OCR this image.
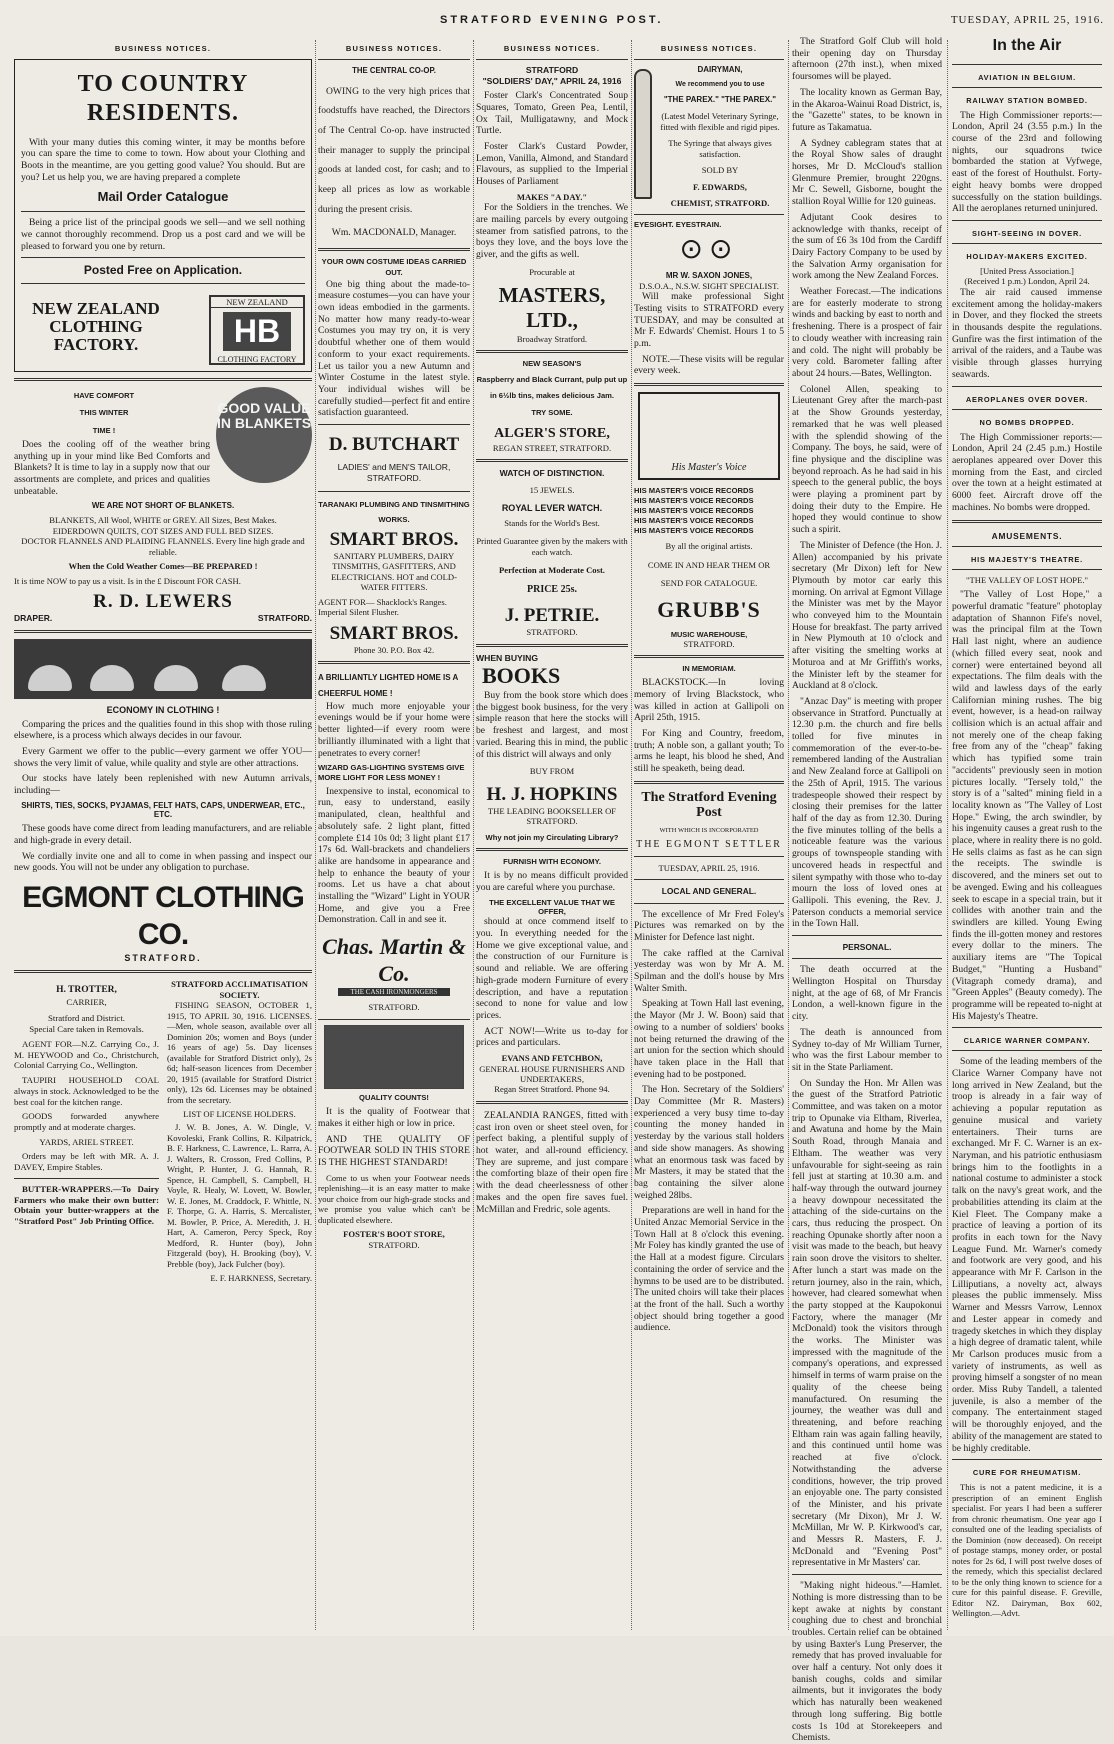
STRATFORD EVENING POST.	TUESDAY, APRIL 25, 1916.
BUSINESS NOTICES.
TO COUNTRY RESIDENTS.

With your many duties this coming winter, it may be months before you can spare the time to come to town. How about your Clothing and Boots in the meantime, are you getting good value? You should. But are you? Let us help you, we are having prepared a complete

Mail Order Catalogue

Being a price list of the principal goods we sell—and we sell nothing we cannot thoroughly recommend. Drop us a post card and we will be pleased to forward you one by return.

Posted Free on Application.
NEW ZEALAND CLOTHING FACTORY.
NEW ZEALAND
HB
CLOTHING FACTORY
GOOD VALUE IN BLANKETS
HAVE COMFORT
THIS WINTER
TIME !

Does the cooling off of the weather bring anything up in your mind like Bed Comforts and Blankets? It is time to lay in a supply now that our assortments are complete, and prices and qualities unbeatable.

WE ARE NOT SHORT OF BLANKETS.
BLANKETS, All Wool, WHITE or GREY. All Sizes, Best Makes.
EIDERDOWN QUILTS, COT SIZES AND FULL BED SIZES.
DOCTOR FLANNELS AND PLAIDING FLANNELS. Every line high grade and reliable.
When the Cold Weather Comes—BE PREPARED !
It is time NOW to pay us a visit. Is in the £ Discount FOR CASH.
R. D. LEWERS
DRAPER.	STRATFORD.
ECONOMY IN CLOTHING !

Comparing the prices and the qualities found in this shop with those ruling elsewhere, is a process which always decides in our favour.

Every Garment we offer to the public—every garment we offer YOU—shows the very limit of value, while quality and style are other attractions.

Our stocks have lately been replenished with new Autumn arrivals, including—

SHIRTS, TIES, SOCKS, PYJAMAS, FELT HATS, CAPS, UNDERWEAR, ETC., ETC.

These goods have come direct from leading manufacturers, and are reliable and high-grade in every detail.

We cordially invite one and all to come in when passing and inspect our new goods. You will not be under any obligation to purchase.

EGMONT CLOTHING CO.
STRATFORD.
H. TROTTER,
CARRIER,
Stratford and District.
Special Care taken in Removals.

AGENT FOR—N.Z. Carrying Co., J. M. HEYWOOD and Co., Christchurch, Colonial Carrying Co., Wellington.

TAUPIRI HOUSEHOLD COAL always in stock. Acknowledged to be the best coal for the kitchen range.

GOODS forwarded anywhere promptly and at moderate charges.

YARDS, ARIEL STREET.

Orders may be left with MR. A. J. DAVEY, Empire Stables.

BUTTER-WRAPPERS.—To Dairy Farmers who make their own butter: Obtain your butter-wrappers at the "Stratford Post" Job Printing Office.

STRATFORD ACCLIMATISATION SOCIETY.

FISHING SEASON, OCTOBER 1, 1915, TO APRIL 30, 1916. LICENSES.—Men, whole season, available over all Dominion 20s; women and Boys (under 16 years of age) 5s. Day licenses (available for Stratford District only), 2s 6d; half-season licences from December 20, 1915 (available for Stratford District only), 12s 6d. Licenses may be obtained from the secretary.

LIST OF LICENSE HOLDERS.

J. W. B. Jones, A. W. Dingle, V. Kovoleski, Frank Collins, R. Kilpatrick, B. F. Harkness, C. Lawrence, L. Rarra, A. J. Walters, R. Crosson, Fred Collins, P. Wright, P. Hunter, J. G. Hannah, R. Spence, H. Campbell, S. Campbell, H. Voyle, R. Healy, W. Lovett, W. Bowler, W. E. Jones, M. Craddock, F. Whittle, N. F. Thorpe, G. A. Harris, S. Mercalister, M. Bowler, P. Price, A. Meredith, J. H. Hart, A. Cameron, Percy Speck, Roy Medford, R. Hunter (boy), John Fitzgerald (boy), H. Brooking (boy), V. Prebble (boy), Jack Fulcher (boy).

E. F. HARKNESS, Secretary.
BUSINESS NOTICES.
THE CENTRAL CO-OP.

OWING to the very high prices that foodstuffs have reached, the Directors of The Central Co-op. have instructed their manager to supply the principal goods at landed cost, for cash; and to keep all prices as low as workable during the present crisis.

Wm. MACDONALD, Manager.
YOUR OWN COSTUME IDEAS CARRIED OUT.

One big thing about the made-to-measure costumes—you can have your own ideas embodied in the garments. No matter how many ready-to-wear Costumes you may try on, it is very doubtful whether one of them would conform to your exact requirements. Let us tailor you a new Autumn and Winter Costume in the latest style. Your individual wishes will be carefully studied—perfect fit and entire satisfaction guaranteed.

D. BUTCHART
LADIES' and MEN'S TAILOR,
STRATFORD.
TARANAKI PLUMBING AND TINSMITHING WORKS.
SMART BROS.
SANITARY PLUMBERS, DAIRY TINSMITHS, GASFITTERS, AND ELECTRICIANS. HOT and COLD-WATER FITTERS.
AGENT FOR— Shacklock's Ranges. Imperial Silent Flusher.
SMART BROS.
Phone 30. P.O. Box 42.
A BRILLIANTLY LIGHTED HOME IS A CHEERFUL HOME !

How much more enjoyable your evenings would be if your home were better lighted—if every room were brilliantly illuminated with a light that penetrates to every corner!

WIZARD GAS-LIGHTING SYSTEMS GIVE MORE LIGHT FOR LESS MONEY !

Inexpensive to instal, economical to run, easy to understand, easily manipulated, clean, healthful and absolutely safe. 2 light plant, fitted complete £14 10s 0d; 3 light plant £17 17s 6d. Wall-brackets and chandeliers alike are handsome in appearance and help to enhance the beauty of your rooms. Let us have a chat about installing the "Wizard" Light in YOUR Home, and give you a Free Demonstration. Call in and see it.

Chas. Martin & Co.
THE CASH IRONMONGERS
STRATFORD.
QUALITY COUNTS!

It is the quality of Footwear that makes it either high or low in price.

AND THE QUALITY OF FOOTWEAR SOLD IN THIS STORE IS THE HIGHEST STANDARD!

Come to us when your Footwear needs replenishing—it is an easy matter to make your choice from our high-grade stocks and we promise you value which can't be duplicated elsewhere.

FOSTER'S BOOT STORE,
STRATFORD.
BUSINESS NOTICES.
STRATFORD
"SOLDIERS' DAY," APRIL 24, 1916

Foster Clark's Concentrated Soup Squares, Tomato, Green Pea, Lentil, Ox Tail, Mulligatawny, and Mock Turtle.

Foster Clark's Custard Powder, Lemon, Vanilla, Almond, and Standard Flavours, as supplied to the Imperial Houses of Parliament

MAKES "A DAY."

For the Soldiers in the trenches. We are mailing parcels by every outgoing steamer from satisfied patrons, to the boys they love, and the boys love the giver, and the gifts as well.

Procurable at
MASTERS, LTD.,
Broadway Stratford.
NEW SEASON'S
Raspberry and Black Currant, pulp put up in 6½lb tins, makes delicious Jam.
TRY SOME.
ALGER'S STORE,
REGAN STREET, STRATFORD.
WATCH OF DISTINCTION.
15 JEWELS.
ROYAL LEVER WATCH.
Stands for the World's Best.
Printed Guarantee given by the makers with each watch.
Perfection at Moderate Cost.
PRICE 25s.
J. PETRIE.
STRATFORD.
WHEN BUYING
BOOKS

Buy from the book store which does the biggest book business, for the very simple reason that here the stocks will be freshest and largest, and most varied. Bearing this in mind, the public of this district will always and only

BUY FROM
H. J. HOPKINS
THE LEADING BOOKSELLER OF STRATFORD.
Why not join my Circulating Library?
FURNISH WITH ECONOMY.

It is by no means difficult provided you are careful where you purchase.

THE EXCELLENT VALUE THAT WE OFFER,

should at once commend itself to you. In everything needed for the Home we give exceptional value, and the construction of our Furniture is sound and reliable. We are offering high-grade modern Furniture of every description, and have a reputation second to none for value and low prices.

ACT NOW!—Write us to-day for prices and particulars.

EVANS AND FETCHBON,
GENERAL HOUSE FURNISHERS AND UNDERTAKERS,
Regan Street Stratford. Phone 94.

ZEALANDIA RANGES, fitted with cast iron oven or sheet steel oven, for perfect baking, a plentiful supply of hot water, and all-round efficiency. They are supreme, and just compare the comforting blaze of their open fire with the dead cheerlessness of other makes and the open fire saves fuel. McMillan and Fredric, sole agents.

BUSINESS NOTICES.
DAIRYMAN,
We recommend you to use
"THE PAREX." "THE PAREX."
(Latest Model Veterinary Syringe, fitted with flexible and rigid pipes.
The Syringe that always gives satisfaction.
SOLD BY
F. EDWARDS,
CHEMIST, STRATFORD.
EYESIGHT. EYESTRAIN.
⊙⊙
MR W. SAXON JONES,
D.S.O.A., N.S.W. SIGHT SPECIALIST.

Will make professional Sight Testing visits to STRATFORD every TUESDAY, and may be consulted at Mr F. Edwards' Chemist. Hours 1 to 5 p.m.

NOTE.—These visits will be regular every week.

His Master's Voice
HIS MASTER'S VOICE RECORDS
HIS MASTER'S VOICE RECORDS
HIS MASTER'S VOICE RECORDS
HIS MASTER'S VOICE RECORDS
HIS MASTER'S VOICE RECORDS
By all the original artists.
COME IN AND HEAR THEM OR
SEND FOR CATALOGUE.
GRUBB'S
MUSIC WAREHOUSE,
STRATFORD.
IN MEMORIAM.

BLACKSTOCK.—In loving memory of Irving Blackstock, who was killed in action at Gallipoli on April 25th, 1915.

For King and Country, freedom, truth; A noble son, a gallant youth; To arms he leapt, his blood he shed, And still he speaketh, being dead.

The Stratford Evening Post
WITH WHICH IS INCORPORATED
THE EGMONT SETTLER
TUESDAY, APRIL 25, 1916.
LOCAL AND GENERAL.

The excellence of Mr Fred Foley's Pictures was remarked on by the Minister for Defence last night.

The cake raffled at the Carnival yesterday was won by Mr A. M. Spilman and the doll's house by Mrs Walter Smith.

Speaking at Town Hall last evening, the Mayor (Mr J. W. Boon) said that owing to a number of soldiers' books not being returned the drawing of the art union for the section which should have taken place in the Hall that evening had to be postponed.

The Hon. Secretary of the Soldiers' Day Committee (Mr R. Masters) experienced a very busy time to-day counting the money handed in yesterday by the various stall holders and side show managers. As showing what an enormous task was faced by Mr Masters, it may be stated that the bag containing the silver alone weighed 28lbs.

Preparations are well in hand for the United Anzac Memorial Service in the Town Hall at 8 o'clock this evening. Mr Foley has kindly granted the use of the Hall at a modest figure. Circulars containing the order of service and the hymns to be used are to be distributed. The united choirs will take their places at the front of the hall. Such a worthy object should bring together a good audience.

The Stratford Golf Club will hold their opening day on Thursday afternoon (27th inst.), when mixed foursomes will be played.

The locality known as German Bay, in the Akaroa-Wainui Road District, is, the "Gazette" states, to be known in future as Takamatua.

A Sydney cablegram states that at the Royal Show sales of draught horses, Mr D. McCloud's stallion Glenmure Premier, brought 220gns. Mr C. Sewell, Gisborne, bought the stallion Royal Willie for 120 guineas.

Adjutant Cook desires to acknowledge with thanks, receipt of the sum of £6 3s 10d from the Cardiff Dairy Factory Company to be used by the Salvation Army organisation for work among the New Zealand Forces.

Weather Forecast.—The indications are for easterly moderate to strong winds and backing by east to north and freshening. There is a prospect of fair to cloudy weather with increasing rain and cold. The night will probably be very cold. Barometer falling after about 24 hours.—Bates, Wellington.

Colonel Allen, speaking to Lieutenant Grey after the march-past at the Show Grounds yesterday, remarked that he was well pleased with the splendid showing of the Company. The boys, he said, were of fine physique and the discipline was beyond reproach. As he had said in his speech to the general public, the boys were playing a prominent part by doing their duty to the Empire. He hoped they would continue to show such a spirit.

The Minister of Defence (the Hon. J. Allen) accompanied by his private secretary (Mr Dixon) left for New Plymouth by motor car early this morning. On arrival at Egmont Village the Minister was met by the Mayor who conveyed him to the Mountain House for breakfast. The party arrived in New Plymouth at 10 o'clock and after visiting the smelting works at Moturoa and at Mr Griffith's works, the Minister left by the steamer for Auckland at 8 o'clock.

"Anzac Day" is meeting with proper observance in Stratford. Punctually at 12.30 p.m. the church and fire bells tolled for five minutes in commemoration of the ever-to-be-remembered landing of the Australian and New Zealand force at Gallipoli on the 25th of April, 1915. The various tradespeople showed their respect by closing their premises for the latter half of the day as from 12.30. During the five minutes tolling of the bells a noticeable feature was the various groups of townspeople standing with uncovered heads in respectful and silent sympathy with those who to-day mourn the loss of loved ones at Gallipoli. This evening, the Rev. J. Paterson conducts a memorial service in the Town Hall.

PERSONAL.

The death occurred at the Wellington Hospital on Thursday night, at the age of 68, of Mr Francis London, a well-known figure in the city.

The death is announced from Sydney to-day of Mr William Turner, who was the first Labour member to sit in the State Parliament.

On Sunday the Hon. Mr Allen was the guest of the Stratford Patriotic Committee, and was taken on a motor trip to Opunake via Eltham, Riverlea, and Awatuna and home by the Main South Road, through Manaia and Eltham. The weather was very unfavourable for sight-seeing as rain fell just at starting at 10.30 a.m. and half-way through the outward journey a heavy downpour necessitated the attaching of the side-curtains on the cars, thus reducing the prospect. On reaching Opunake shortly after noon a visit was made to the beach, but heavy rain soon drove the visitors to shelter. After lunch a start was made on the return journey, also in the rain, which, however, had cleared somewhat when the party stopped at the Kaupokonui Factory, where the manager (Mr McDonald) took the visitors through the works. The Minister was impressed with the magnitude of the company's operations, and expressed himself in terms of warm praise on the quality of the cheese being manufactured. On resuming the journey, the weather was dull and threatening, and before reaching Eltham rain was again falling heavily, and this continued until home was reached at five o'clock. Notwithstanding the adverse conditions, however, the trip proved an enjoyable one. The party consisted of the Minister, and his private secretary (Mr Dixon), Mr J. W. McMillan, Mr W. P. Kirkwood's car, and Messrs R. Masters, F. J. McDonald and "Evening Post" representative in Mr Masters' car.

"Making night hideous."—Hamlet. Nothing is more distressing than to be kept awake at nights by constant coughing due to chest and bronchial troubles. Certain relief can be obtained by using Baxter's Lung Preserver, the remedy that has proved invaluable for over half a century. Not only does it banish coughs, colds and similar ailments, but it invigorates the body which has naturally been weakened through long suffering. Big bottle costs 1s 10d at Storekeepers and Chemists.

In the Air
AVIATION IN BELGIUM.
RAILWAY STATION BOMBED.

The High Commissioner reports:—London, April 24 (3.55 p.m.) In the course of the 23rd and following nights, our squadrons twice bombarded the station at Vyfwege, east of the forest of Houthulst. Forty-eight heavy bombs were dropped successfully on the station buildings. All the aeroplanes returned uninjured.

SIGHT-SEEING IN DOVER.
HOLIDAY-MAKERS EXCITED.
[United Press Association.]
(Received 1 p.m.) London, April 24.

The air raid caused immense excitement among the holiday-makers in Dover, and they flocked the streets in thousands despite the regulations. Gunfire was the first intimation of the arrival of the raiders, and a Taube was visible through glasses hurrying seawards.

AEROPLANES OVER DOVER.
NO BOMBS DROPPED.

The High Commissioner reports:—London, April 24 (2.45 p.m.) Hostile aeroplanes appeared over Dover this morning from the East, and circled over the town at a height estimated at 6000 feet. Aircraft drove off the machines. No bombs were dropped.

AMUSEMENTS.
HIS MAJESTY'S THEATRE.
"THE VALLEY OF LOST HOPE."

"The Valley of Lost Hope," a powerful dramatic "feature" photoplay adaptation of Shannon Fife's novel, was the principal film at the Town Hall last night, where an audience (which filled every seat, nook and corner) were entertained beyond all expectations. The film deals with the wild and lawless days of the early Californian mining rushes. The big event, however, is a head-on railway collision which is an actual affair and not merely one of the cheap faking free from any of the "cheap" faking which has typified some train "accidents" previously seen in motion pictures locally. "Tersely told," the story is of a "salted" mining field in a locality known as "The Valley of Lost Hope." Ewing, the arch swindler, by his ingenuity causes a great rush to the place, where in reality there is no gold. He sells claims as fast as he can sign the receipts. The swindle is discovered, and the miners set out to be avenged. Ewing and his colleagues seek to escape in a special train, but it collides with another train and the swindlers are killed. Young Ewing finds the ill-gotten money and restores every dollar to the miners. The auxiliary items are "The Topical Budget," "Hunting a Husband" (Vitagraph comedy drama), and "Green Apples" (Beauty comedy). The programme will be repeated to-night at His Majesty's Theatre.

CLARICE WARNER COMPANY.

Some of the leading members of the Clarice Warner Company have not long arrived in New Zealand, but the troop is already in a fair way of achieving a popular reputation as genuine musical and variety entertainers. Their turns are exchanged. Mr F. C. Warner is an ex-Naryman, and his patriotic enthusiasm brings him to the footlights in a national costume to administer a stock talk on the navy's great work, and the probabilities attending its claim at the Kiel Fleet. The Company make a practice of leaving a portion of its profits in each town for the Navy League Fund. Mr. Warner's comedy and footwork are very good, and his appearance with Mr F. Carlson in the Lilliputians, a novelty act, always pleases the public immensely. Miss Warner and Messrs Varrow, Lennox and Lester appear in comedy and tragedy sketches in which they display a high degree of dramatic talent, while Mr Carlson produces music from a variety of instruments, as well as proving himself a songster of no mean order. Miss Ruby Tandell, a talented juvenile, is also a member of the company. The entertainment staged will be thoroughly enjoyed, and the ability of the management are stated to be highly creditable.

CURE FOR RHEUMATISM.

This is not a patent medicine, it is a prescription of an eminent English specialist. For years I had been a sufferer from chronic rheumatism. One year ago I consulted one of the leading specialists of the Dominion (now deceased). On receipt of postage stamps, money order, or postal notes for 2s 6d, I will post twelve doses of the remedy, which this specialist declared to be the only thing known to science for a cure for this painful disease. F. Greville, Editor NZ. Dairyman, Box 602, Wellington.—Advt.
